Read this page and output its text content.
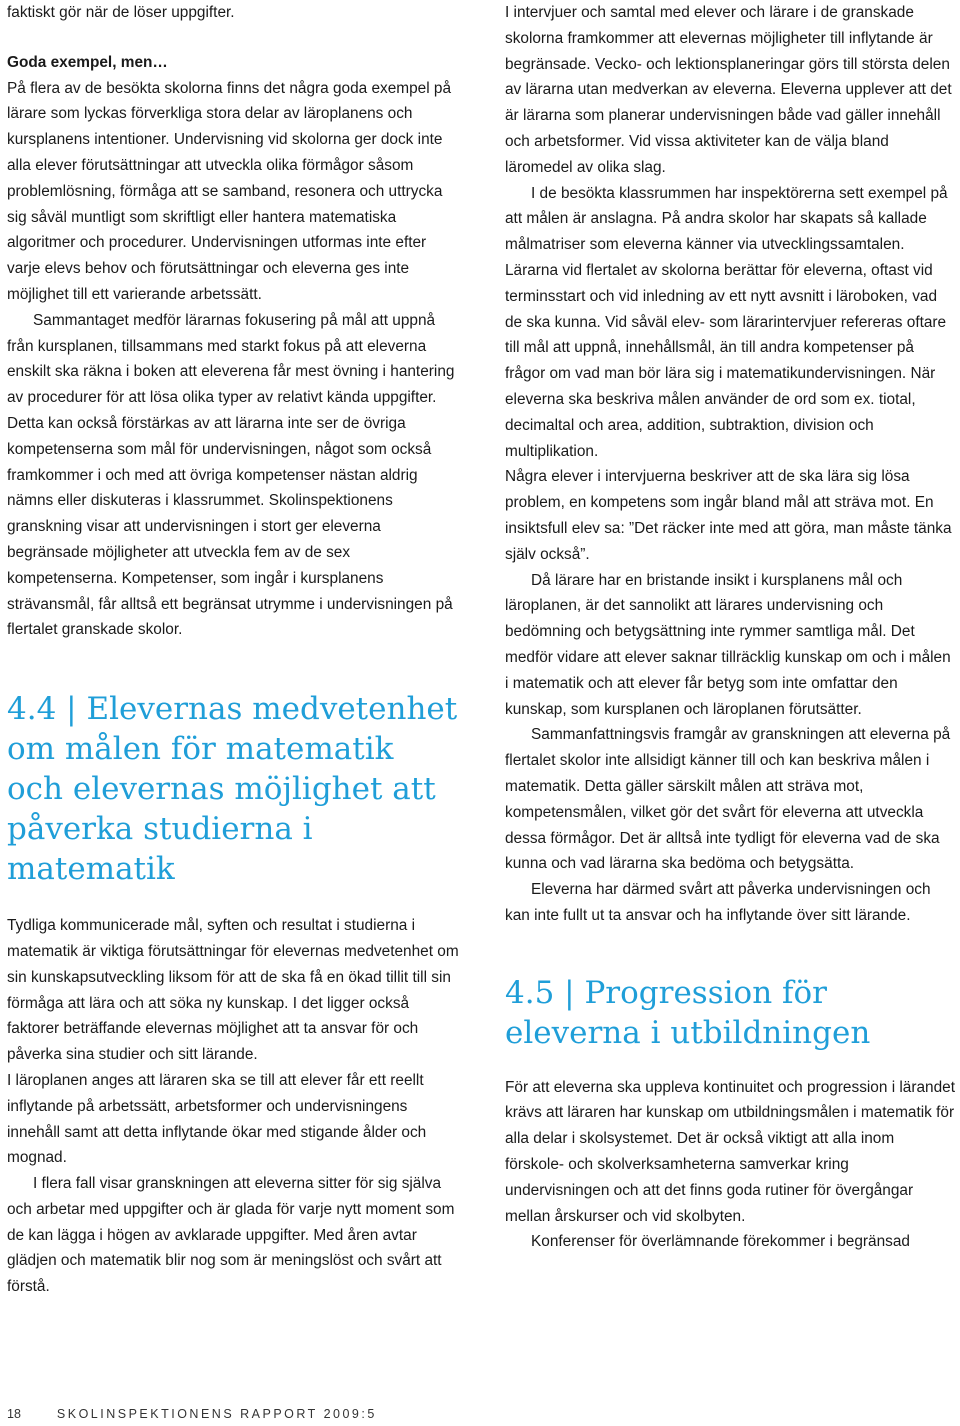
faktiskt gör när de löser uppgifter.

Goda exempel, men…

På flera av de besökta skolorna finns det några goda exempel på lärare som lyckas förverkliga stora delar av läroplanens och kursplanens intentioner. Undervisning vid skolorna ger dock inte alla elever förutsättningar att utveckla olika förmågor såsom problemlösning, förmåga att se samband, resonera och uttrycka sig såväl muntligt som skriftligt eller hantera matematiska algoritmer och procedurer. Undervisningen utformas inte efter varje elevs behov och förutsättningar och eleverna ges inte möjlighet till ett varierande arbetssätt.

Sammantaget medför lärarnas fokusering på mål att uppnå från kursplanen, tillsammans med starkt fokus på att eleverna enskilt ska räkna i boken att eleverena får mest övning i hantering av procedurer för att lösa olika typer av relativt kända uppgifter. Detta kan också förstärkas av att lärarna inte ser de övriga kompetenserna som mål för undervisningen, något som också framkommer i och med att övriga kompetenser nästan aldrig nämns eller diskuteras i klassrummet. Skolinspektionens granskning visar att undervisningen i stort ger eleverna begränsade möjligheter att utveckla fem av de sex kompetenserna. Kompetenser, som ingår i kursplanens strävansmål, får alltså ett begränsat utrymme i undervisningen på flertalet granskade skolor.

4.4 | Elevernas medvetenhet om målen för matematik och elevernas möjlighet att påverka studierna i matematik

Tydliga kommunicerade mål, syften och resultat i studierna i matematik är viktiga förutsättningar för elevernas medvetenhet om sin kunskapsutveckling liksom för att de ska få en ökad tillit till sin förmåga att lära och att söka ny kunskap. I det ligger också faktorer beträffande elevernas möjlighet att ta ansvar för och påverka sina studier och sitt lärande.

I läroplanen anges att läraren ska se till att elever får ett reellt inflytande på arbetssätt, arbetsformer och undervisningens innehåll samt att detta inflytande ökar med stigande ålder och mognad.

I flera fall visar granskningen att eleverna sitter för sig själva och arbetar med uppgifter och är glada för varje nytt moment som de kan lägga i högen av avklarade uppgifter. Med åren avtar glädjen och matematik blir nog som är meningslöst och svårt att förstå.

I intervjuer och samtal med elever och lärare i de granskade skolorna framkommer att elevernas möjligheter till inflytande är begränsade. Vecko- och lektionsplaneringar görs till största delen av lärarna utan medverkan av eleverna. Eleverna upplever att det är lärarna som planerar undervisningen både vad gäller innehåll och arbetsformer. Vid vissa aktiviteter kan de välja bland läromedel av olika slag.

I de besökta klassrummen har inspektörerna sett exempel på att målen är anslagna. På andra skolor har skapats så kallade målmatriser som eleverna känner via utvecklingssamtalen. Lärarna vid flertalet av skolorna berättar för eleverna, oftast vid terminsstart och vid inledning av ett nytt avsnitt i läroboken, vad de ska kunna. Vid såväl elev- som lärarintervjuer refereras oftare till mål att uppnå, innehållsmål, än till andra kompetenser på frågor om vad man bör lära sig i matematikundervisningen. När eleverna ska beskriva målen använder de ord som ex. tiotal, decimaltal och area, addition, subtraktion, division och multiplikation.

Några elever i intervjuerna beskriver att de ska lära sig lösa problem, en kompetens som ingår bland mål att sträva mot. En insiktsfull elev sa: ”Det räcker inte med att göra, man måste tänka själv också”.

Då lärare har en bristande insikt i kursplanens mål och läroplanen, är det sannolikt att lärares undervisning och bedömning och betygsättning inte rymmer samtliga mål. Det medför vidare att elever saknar tillräcklig kunskap om och i målen i matematik och att elever får betyg som inte omfattar den kunskap, som kursplanen och läroplanen förutsätter.

Sammanfattningsvis framgår av granskningen att eleverna på flertalet skolor inte allsidigt känner till och kan beskriva målen i matematik. Detta gäller särskilt målen att sträva mot, kompetensmålen, vilket gör det svårt för eleverna att utveckla dessa förmågor. Det är alltså inte tydligt för eleverna vad de ska kunna och vad lärarna ska bedöma och betygsätta.

Eleverna har därmed svårt att påverka undervisningen och kan inte fullt ut ta ansvar och ha inflytande över sitt lärande.

4.5 | Progression för eleverna i utbildningen

För att eleverna ska uppleva kontinuitet och progression i lärandet krävs att läraren har kunskap om utbildningsmålen i matematik för alla delar i skolsystemet. Det är också viktigt att alla inom förskole- och skolverksamheterna samverkar kring undervisningen och att det finns goda rutiner för övergångar mellan årskurser och vid skolbyten.

Konferenser för överlämnande förekommer i begränsad

18	SKOLINSPEKTIONENS RAPPORT 2009:5
